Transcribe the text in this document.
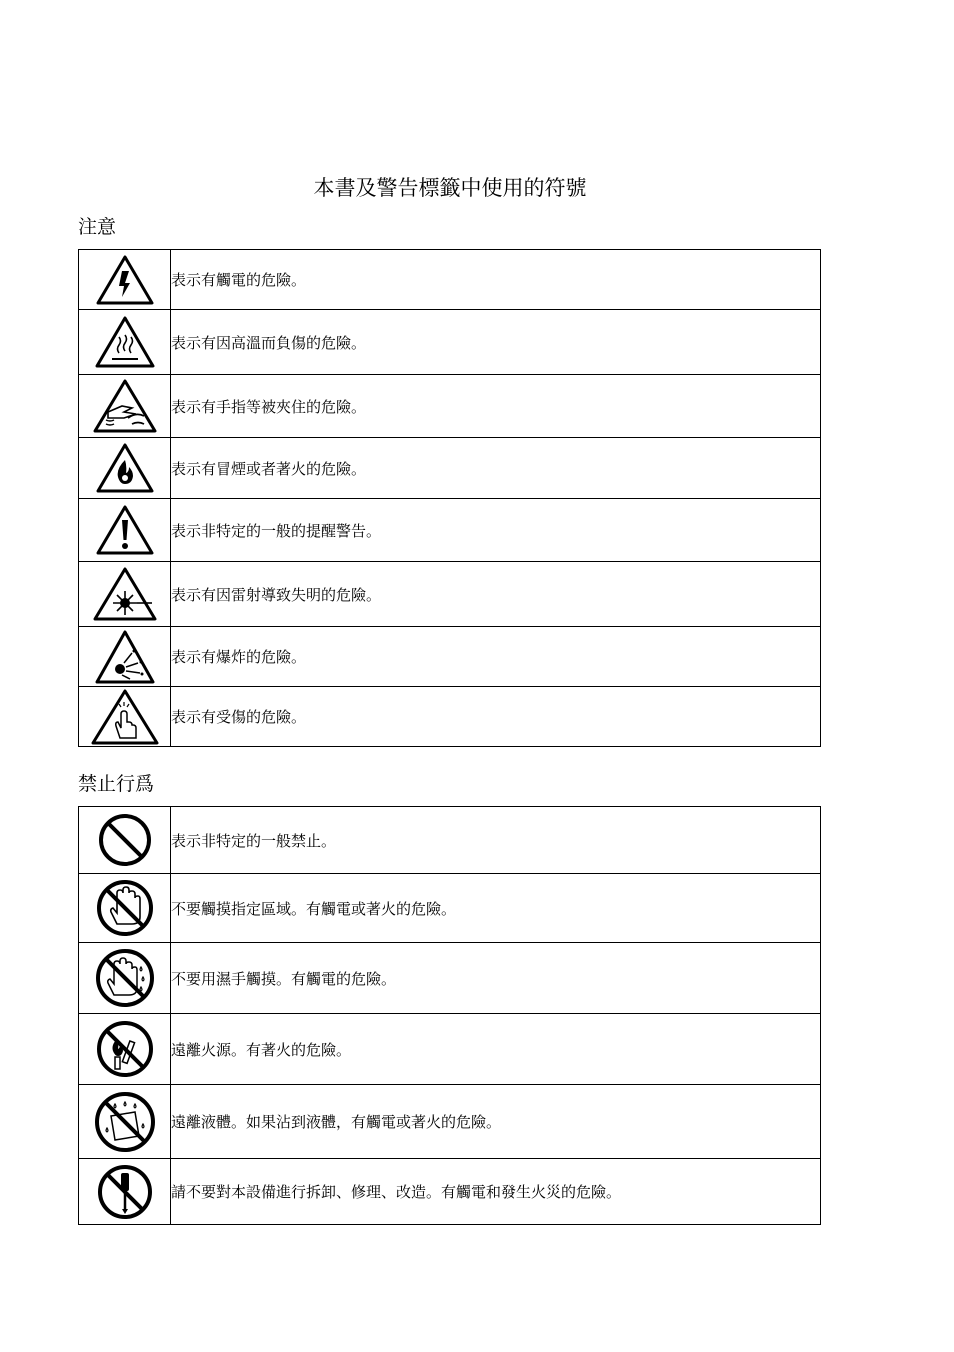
本書及警告標籤中使用的符號
注意
	表示有觸電的危險。

	表示有因高溫而負傷的危險。

	表示有手指等被夾住的危險。

	表示有冒煙或者著火的危險。

	表示非特定的一般的提醒警告。

	表示有因雷射導致失明的危險。

	表示有爆炸的危險。

	表示有受傷的危險。
禁止行爲
	表示非特定的一般禁止。

	不要觸摸指定區域。有觸電或著火的危險。

	不要用濕手觸摸。有觸電的危險。

	遠離火源。有著火的危險。

	遠離液體。如果沾到液體，有觸電或著火的危險。

	請不要對本設備進行拆卸、修理、改造。有觸電和發生火災的危險。
